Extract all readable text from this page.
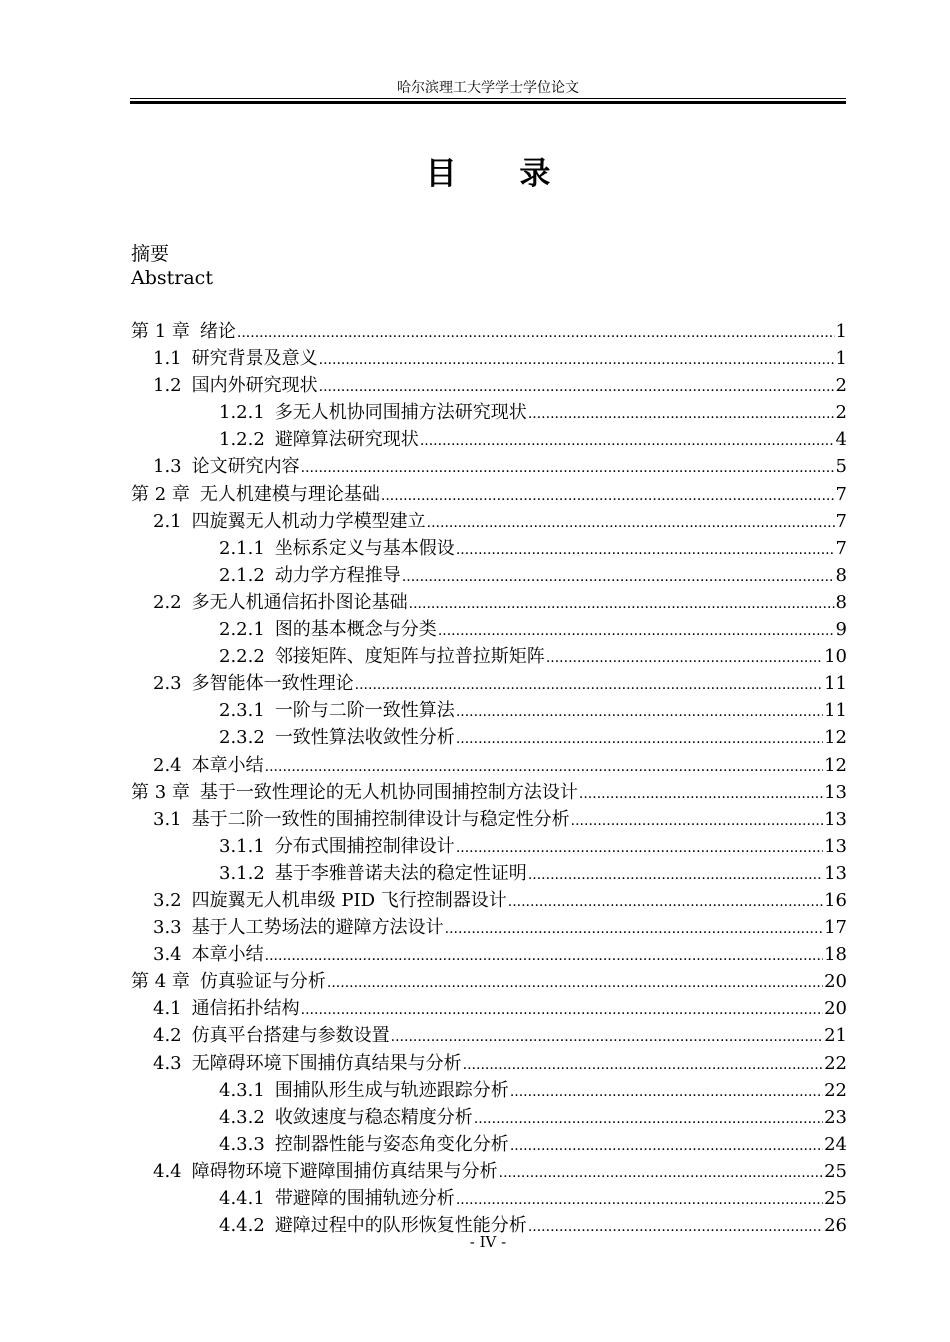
哈尔滨理工大学学士学位论文
目 录
摘要
Abstract
第 1 章 绪论 .....	1
1.1 研究背景及意义 .....	1
1.2 国内外研究现状 .....	2
1.2.1 多无人机协同围捕方法研究现状 .....	2
1.2.2 避障算法研究现状 .....	4
1.3 论文研究内容 .....	5
第 2 章 无人机建模与理论基础 .....	7
2.1 四旋翼无人机动力学模型建立 .....	7
2.1.1 坐标系定义与基本假设 .....	7
2.1.2 动力学方程推导 .....	8
2.2 多无人机通信拓扑图论基础 .....	8
2.2.1 图的基本概念与分类 .....	9
2.2.2 邻接矩阵、度矩阵与拉普拉斯矩阵 .....	10
2.3 多智能体一致性理论 .....	11
2.3.1 一阶与二阶一致性算法 .....	11
2.3.2 一致性算法收敛性分析 .....	12
2.4 本章小结 .....	12
第 3 章 基于一致性理论的无人机协同围捕控制方法设计 .....	13
3.1 基于二阶一致性的围捕控制律设计与稳定性分析 .....	13
3.1.1 分布式围捕控制律设计 .....	13
3.1.2 基于李雅普诺夫法的稳定性证明 .....	13
3.2 四旋翼无人机串级 PID 飞行控制器设计 .....	16
3.3 基于人工势场法的避障方法设计 .....	17
3.4 本章小结 .....	18
第 4 章 仿真验证与分析 .....	20
4.1 通信拓扑结构 .....	20
4.2 仿真平台搭建与参数设置 .....	21
4.3 无障碍环境下围捕仿真结果与分析 .....	22
4.3.1 围捕队形生成与轨迹跟踪分析 .....	22
4.3.2 收敛速度与稳态精度分析 .....	23
4.3.3 控制器性能与姿态角变化分析 .....	24
4.4 障碍物环境下避障围捕仿真结果与分析 .....	25
4.4.1 带避障的围捕轨迹分析 .....	25
4.4.2 避障过程中的队形恢复性能分析 .....	26
- IV -
